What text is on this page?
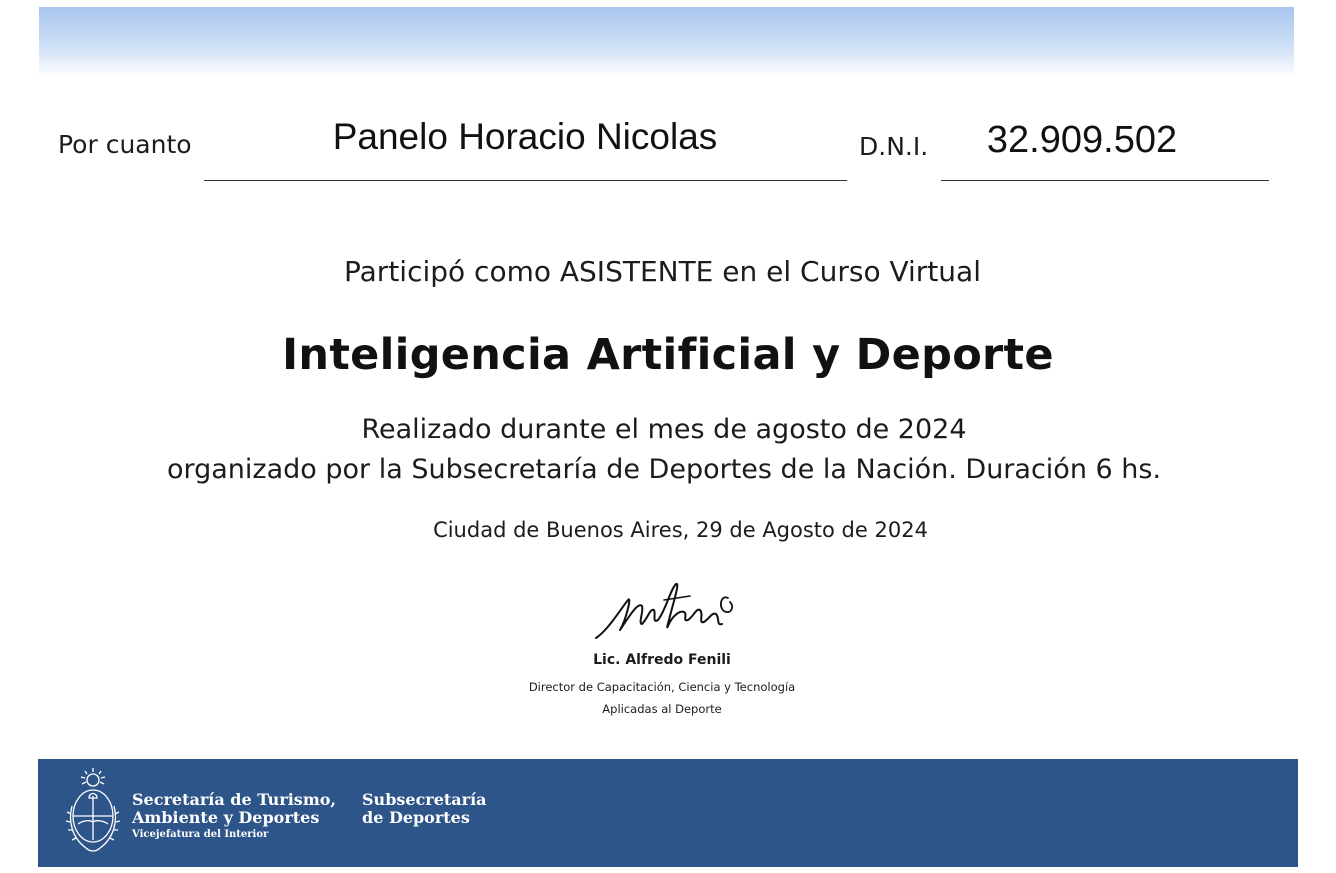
Por cuanto	Panelo Horacio Nicolas	D.N.I.	32.909.502
Participó como ASISTENTE en el Curso Virtual
Inteligencia Artificial y Deporte
Realizado durante el mes de agosto de 2024
organizado por la Subsecretaría de Deportes de la Nación. Duración 6 hs.
Ciudad de Buenos Aires, 29 de Agosto de 2024
Lic. Alfredo Fenili
Director de Capacitación, Ciencia y Tecnología
Aplicadas al Deporte
Secretaría de Turismo,
Ambiente y Deportes
Vicejefatura del Interior
Subsecretaría
de Deportes
